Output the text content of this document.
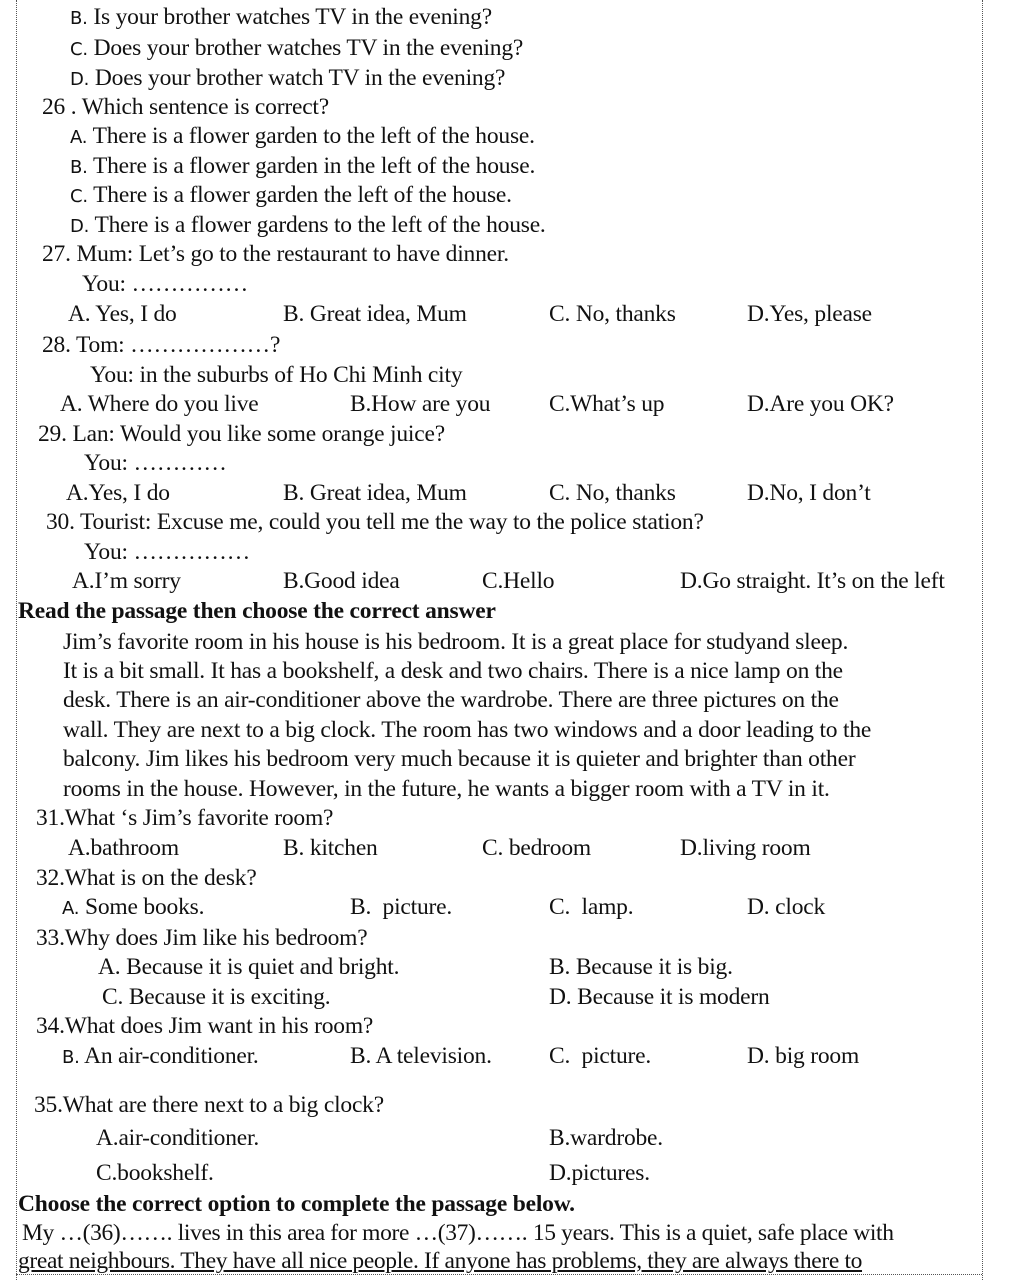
B. Is your brother watches TV in the evening?
C. Does your brother watches TV in the evening?
D. Does your brother watch TV in the evening?
26 . Which sentence is correct?
A. There is a flower garden to the left of the house.
B. There is a flower garden in the left of the house.
C. There is a flower garden the left of the house.
D. There is a flower gardens to the left of the house.
27. Mum: Let’s go to the restaurant to have dinner.
You: ……………
A. Yes, I do	B. Great idea, Mum	C. No, thanks	D.Yes, please
28. Tom: ………………?
You: in the suburbs of Ho Chi Minh city
A. Where do you live	B.How are you C.What’s up	D.Are you OK?
29. Lan: Would you like some orange juice?
You: …………
A.Yes, I do	B. Great idea, Mum	C. No, thanks	D.No, I don’t
30. Tourist: Excuse me, could you tell me the way to the police station?
You: ……………
A.I’m sorry	B.Good idea	C.Hello	D.Go straight. It’s on the left
Read the passage then choose the correct answer
Jim’s favorite room in his house is his bedroom. It is a great place for studyand sleep.
It is a bit small. It has a bookshelf, a desk and two chairs. There is a nice lamp on the
desk. There is an air-conditioner above the wardrobe. There are three pictures on the
wall. They are next to a big clock. The room has two windows and a door leading to the
balcony. Jim likes his bedroom very much because it is quieter and brighter than other
rooms in the house. However, in the future, he wants a bigger room with a TV in it.
31.What ‘s Jim’s favorite room?
A.bathroom	B. kitchen	C. bedroom	D.living room
32.What is on the desk?
A. Some books.	B. picture.	C. lamp.	D. clock
33.Why does Jim like his bedroom?
A. Because it is quiet and bright.	B. Because it is big.
C. Because it is exciting.	D. Because it is modern
34.What does Jim want in his room?
B. An air-conditioner.	B. A television. C. picture.	D. big room
35.What are there next to a big clock?
A.air-conditioner.	B.wardrobe.
C.bookshelf.	D.pictures.
Choose the correct option to complete the passage below.
My …(36)……. lives in this area for more …(37)……. 15 years. This is a quiet, safe place with
great neighbours. They have all nice people. If anyone has problems, they are always there to
